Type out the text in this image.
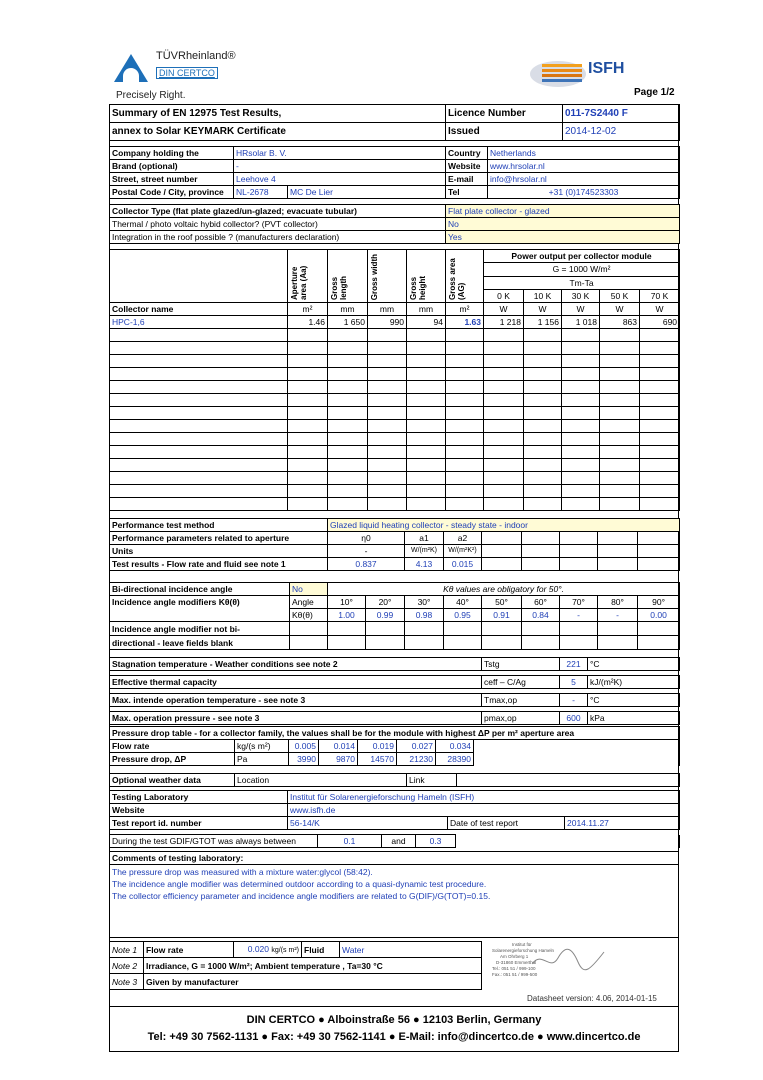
TÜVRheinland®
DIN CERTCO
Precisely Right.
ISFH
Page 1/2
Summary of EN 12975 Test Results,	Licence Number	011-7S2440 F
annex to Solar KEYMARK Certificate	Issued	2014-12-02
Company holding the	HRsolar B. V.		Country	Netherlands
Brand (optional)	-		Website	www.hrsolar.nl
Street, street number	Leehove 4		E-mail	info@hrsolar.nl
Postal Code / City, province	NL-2678	MC De Lier	Tel	+31 (0)174523303
Collector Type (flat plate glazed/un-glazed; evacuate tubular)	Flat plate collector - glazed
Thermal / photo voltaic hybid collector? (PVT collector)	No
Integration in the roof possible ? (manufacturers declaration)	Yes

	Aperture area (Aa)	Gross length	Gross width	Gross height	Gross area (AG)	Power output per collector module				
						G = 1000 W/m²				
						Tm-Ta				
						0 K	10 K	30 K	50 K	70 K
Collector name	m²	mm	mm	mm	m²	W	W	W	W	W
HPC-1,6	1.46	1 650	990	94	1.63	1 218	1 156	1 018	863	690

Performance test method	Glazed liquid heating collector - steady state - indoor							
Performance parameters related to aperture	η0	a1	a2					
Units	-	W/(m²K)	W/(m²K²)					
Test results - Flow rate and fluid see note 1	0.837	4.13	0.015					
Bi-directional incidence angle	No	Kθ values are obligatory for 50°.								
Incidence angle modifiers Kθ(θ)	Angle	10°	20°	30°	40°	50°	60°	70°	80°	90°
	Kθ(θ)	1.00	0.99	0.98	0.95	0.91	0.84	-	-	0.00
Incidence angle modifier not bi-										
directional - leave fields blank										
Stagnation temperature - Weather conditions see note 2	Tstg	221	°C

Effective thermal capacity	ceff – C/Ag	5	kJ/(m²K)

Max. intende operation temperature - see note 3	Tmax,op	-	°C

Max. operation pressure - see note 3	pmax,op	600	kPa
Pressure drop table - for a collector family, the values shall be for the module with highest ΔP per m² aperture area							
Flow rate	kg/(s m²)	0.005	0.014	0.019	0.027	0.034	
Pressure drop, ΔP	Pa	3990	9870	14570	21230	28390	
Optional weather data	Location	Link	
Testing Laboratory	Institut für Solarenergieforschung Hameln (ISFH)		
Website	www.isfh.de		
Test report id. number	56-14/K	Date of test report	2014.11.27
During the test GDIF/GTOT was always between	0.1	and	0.3	
Comments of testing laboratory:
The pressure drop was measured with a mixture water:glycol (58:42).
The incidence angle modifier was determined outdoor according to a quasi-dynamic test procedure.
The collector efficiency parameter and incidence angle modifiers are related to G(DIF)/G(TOT)=0.15.
Note 1	Flow rate	0.020 kg/(s m²)	Fluid	Water
Note 2	Irradiance, G = 1000 W/m²; Ambient temperature , Ta=30 °C			
Note 3	Given by manufacturer			
Institut für
Solarenergieforschung Hameln
Am Ohrberg 1
D-31860 Emmerthal
Tel.: 051 51 / 999-100
Fax.: 051 51 / 999-500
Datasheet version: 4.06, 2014-01-15
DIN CERTCO ● Alboinstraße 56 ● 12103 Berlin, Germany
Tel: +49 30 7562-1131 ● Fax: +49 30 7562-1141 ● E-Mail: info@dincertco.de ● www.dincertco.de
